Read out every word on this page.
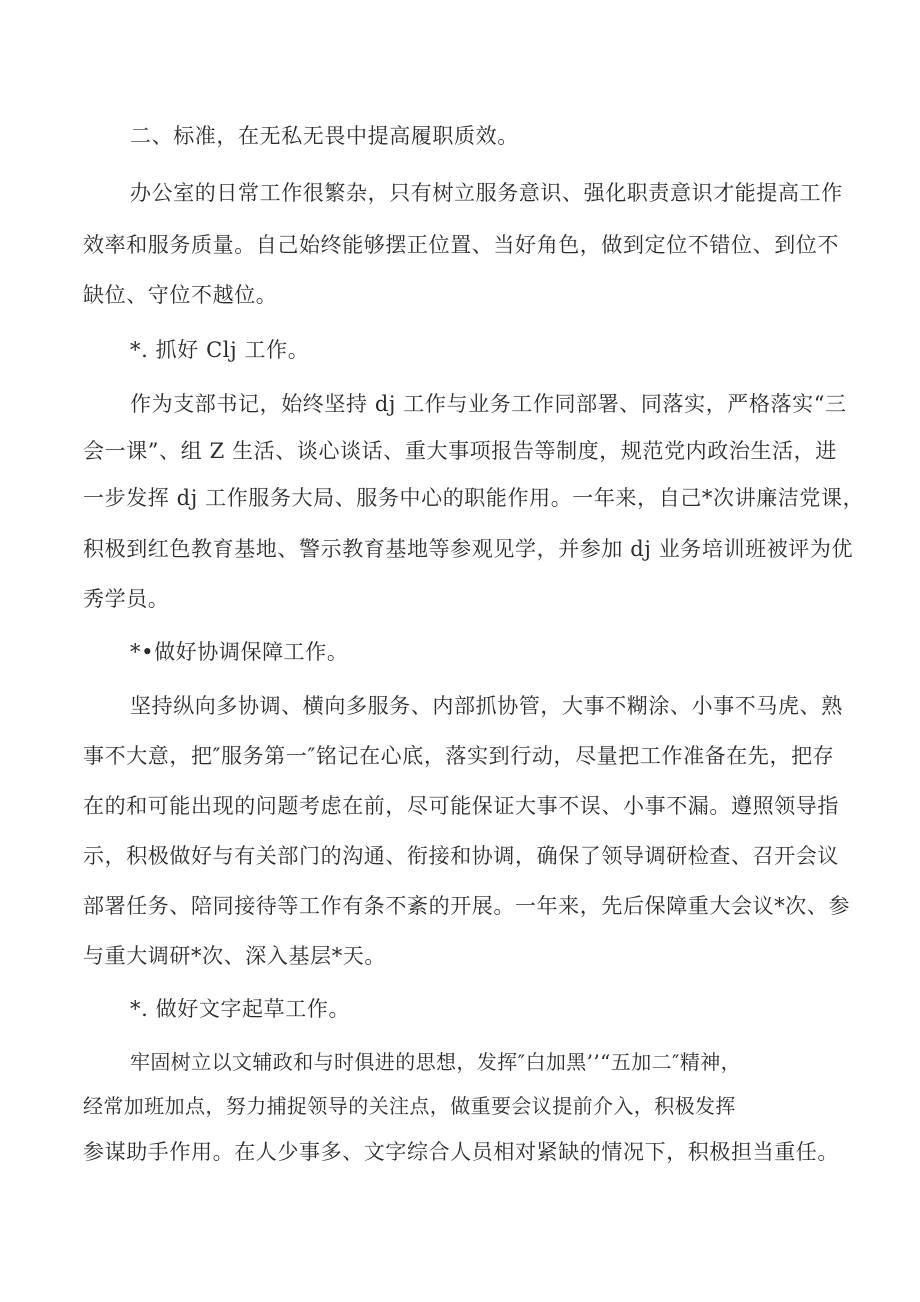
二、标准，在无私无畏中提高履职质效。
办公室的日常工作很繁杂，只有树立服务意识、强化职责意识才能提高工作
效率和服务质量。自己始终能够摆正位置、当好角色，做到定位不错位、到位不
缺位、守位不越位。
*. 抓好 Clj 工作。
作为支部书记，始终坚持 dj 工作与业务工作同部署、同落实，严格落实“三
会一课”、组 Z 生活、谈心谈话、重大事项报告等制度，规范党内政治生活，进
一步发挥 dj 工作服务大局、服务中心的职能作用。一年来，自己*次讲廉洁党课，
积极到红色教育基地、警示教育基地等参观见学，并参加 dj 业务培训班被评为优
秀学员。
*•做好协调保障工作。
坚持纵向多协调、横向多服务、内部抓协管，大事不糊涂、小事不马虎、熟
事不大意，把″服务第一″铭记在心底，落实到行动，尽量把工作准备在先，把存
在的和可能出现的问题考虑在前，尽可能保证大事不误、小事不漏。遵照领导指
示，积极做好与有关部门的沟通、衔接和协调，确保了领导调研检查、召开会议
部署任务、陪同接待等工作有条不紊的开展。一年来，先后保障重大会议*次、参
与重大调研*次、深入基层*天。
*. 做好文字起草工作。
牢固树立以文辅政和与时俱进的思想，发挥″白加黑’’“五加二″精神，
经常加班加点，努力捕捉领导的关注点，做重要会议提前介入，积极发挥
参谋助手作用。在人少事多、文字综合人员相对紧缺的情况下，积极担当重任。
